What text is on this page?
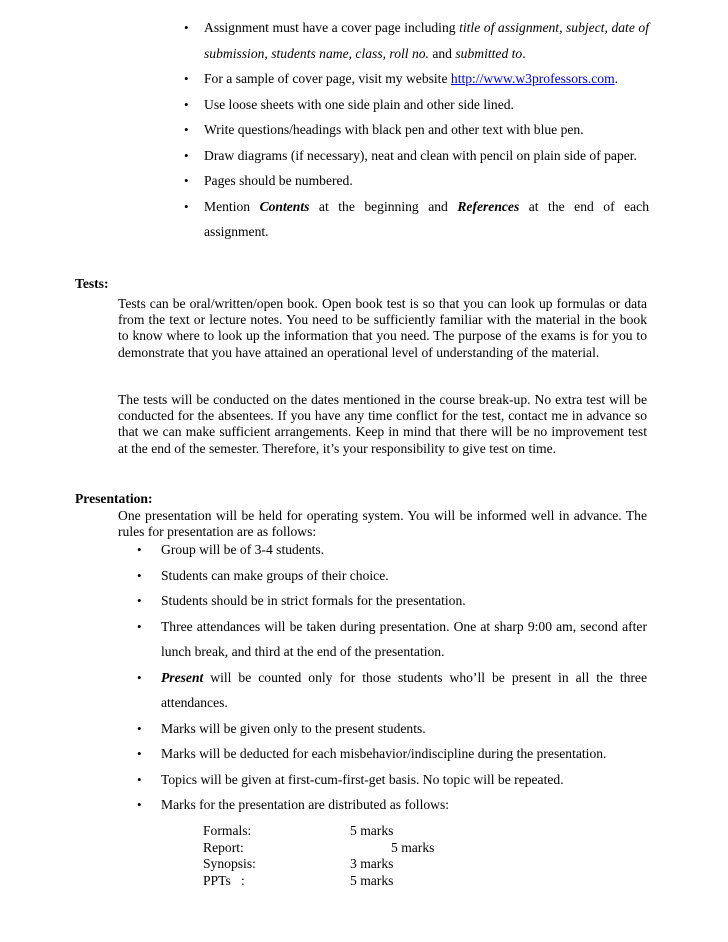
• Assignment must have a cover page including title of assignment, subject, date of submission, students name, class, roll no. and submitted to.
• For a sample of cover page, visit my website http://www.w3professors.com.
• Use loose sheets with one side plain and other side lined.
• Write questions/headings with black pen and other text with blue pen.
• Draw diagrams (if necessary), neat and clean with pencil on plain side of paper.
• Pages should be numbered.
• Mention Contents at the beginning and References at the end of each assignment.
Tests:

Tests can be oral/written/open book. Open book test is so that you can look up formulas or data from the text or lecture notes. You need to be sufficiently familiar with the material in the book to know where to look up the information that you need. The purpose of the exams is for you to demonstrate that you have attained an operational level of understanding of the material.

The tests will be conducted on the dates mentioned in the course break-up. No extra test will be conducted for the absentees. If you have any time conflict for the test, contact me in advance so that we can make sufficient arrangements. Keep in mind that there will be no improvement test at the end of the semester. Therefore, it’s your responsibility to give test on time.

Presentation:

One presentation will be held for operating system. You will be informed well in advance. The rules for presentation are as follows:

• Group will be of 3-4 students.
• Students can make groups of their choice.
• Students should be in strict formals for the presentation.
• Three attendances will be taken during presentation. One at sharp 9:00 am, second after lunch break, and third at the end of the presentation.
• Present will be counted only for those students who’ll be present in all the three attendances.
• Marks will be given only to the present students.
• Marks will be deducted for each misbehavior/indiscipline during the presentation.
• Topics will be given at first-cum-first-get basis. No topic will be repeated.
• Marks for the presentation are distributed as follows:
Formals:	5 marks
Report:	5 marks
Synopsis:	3 marks
PPTs   :	5 marks
